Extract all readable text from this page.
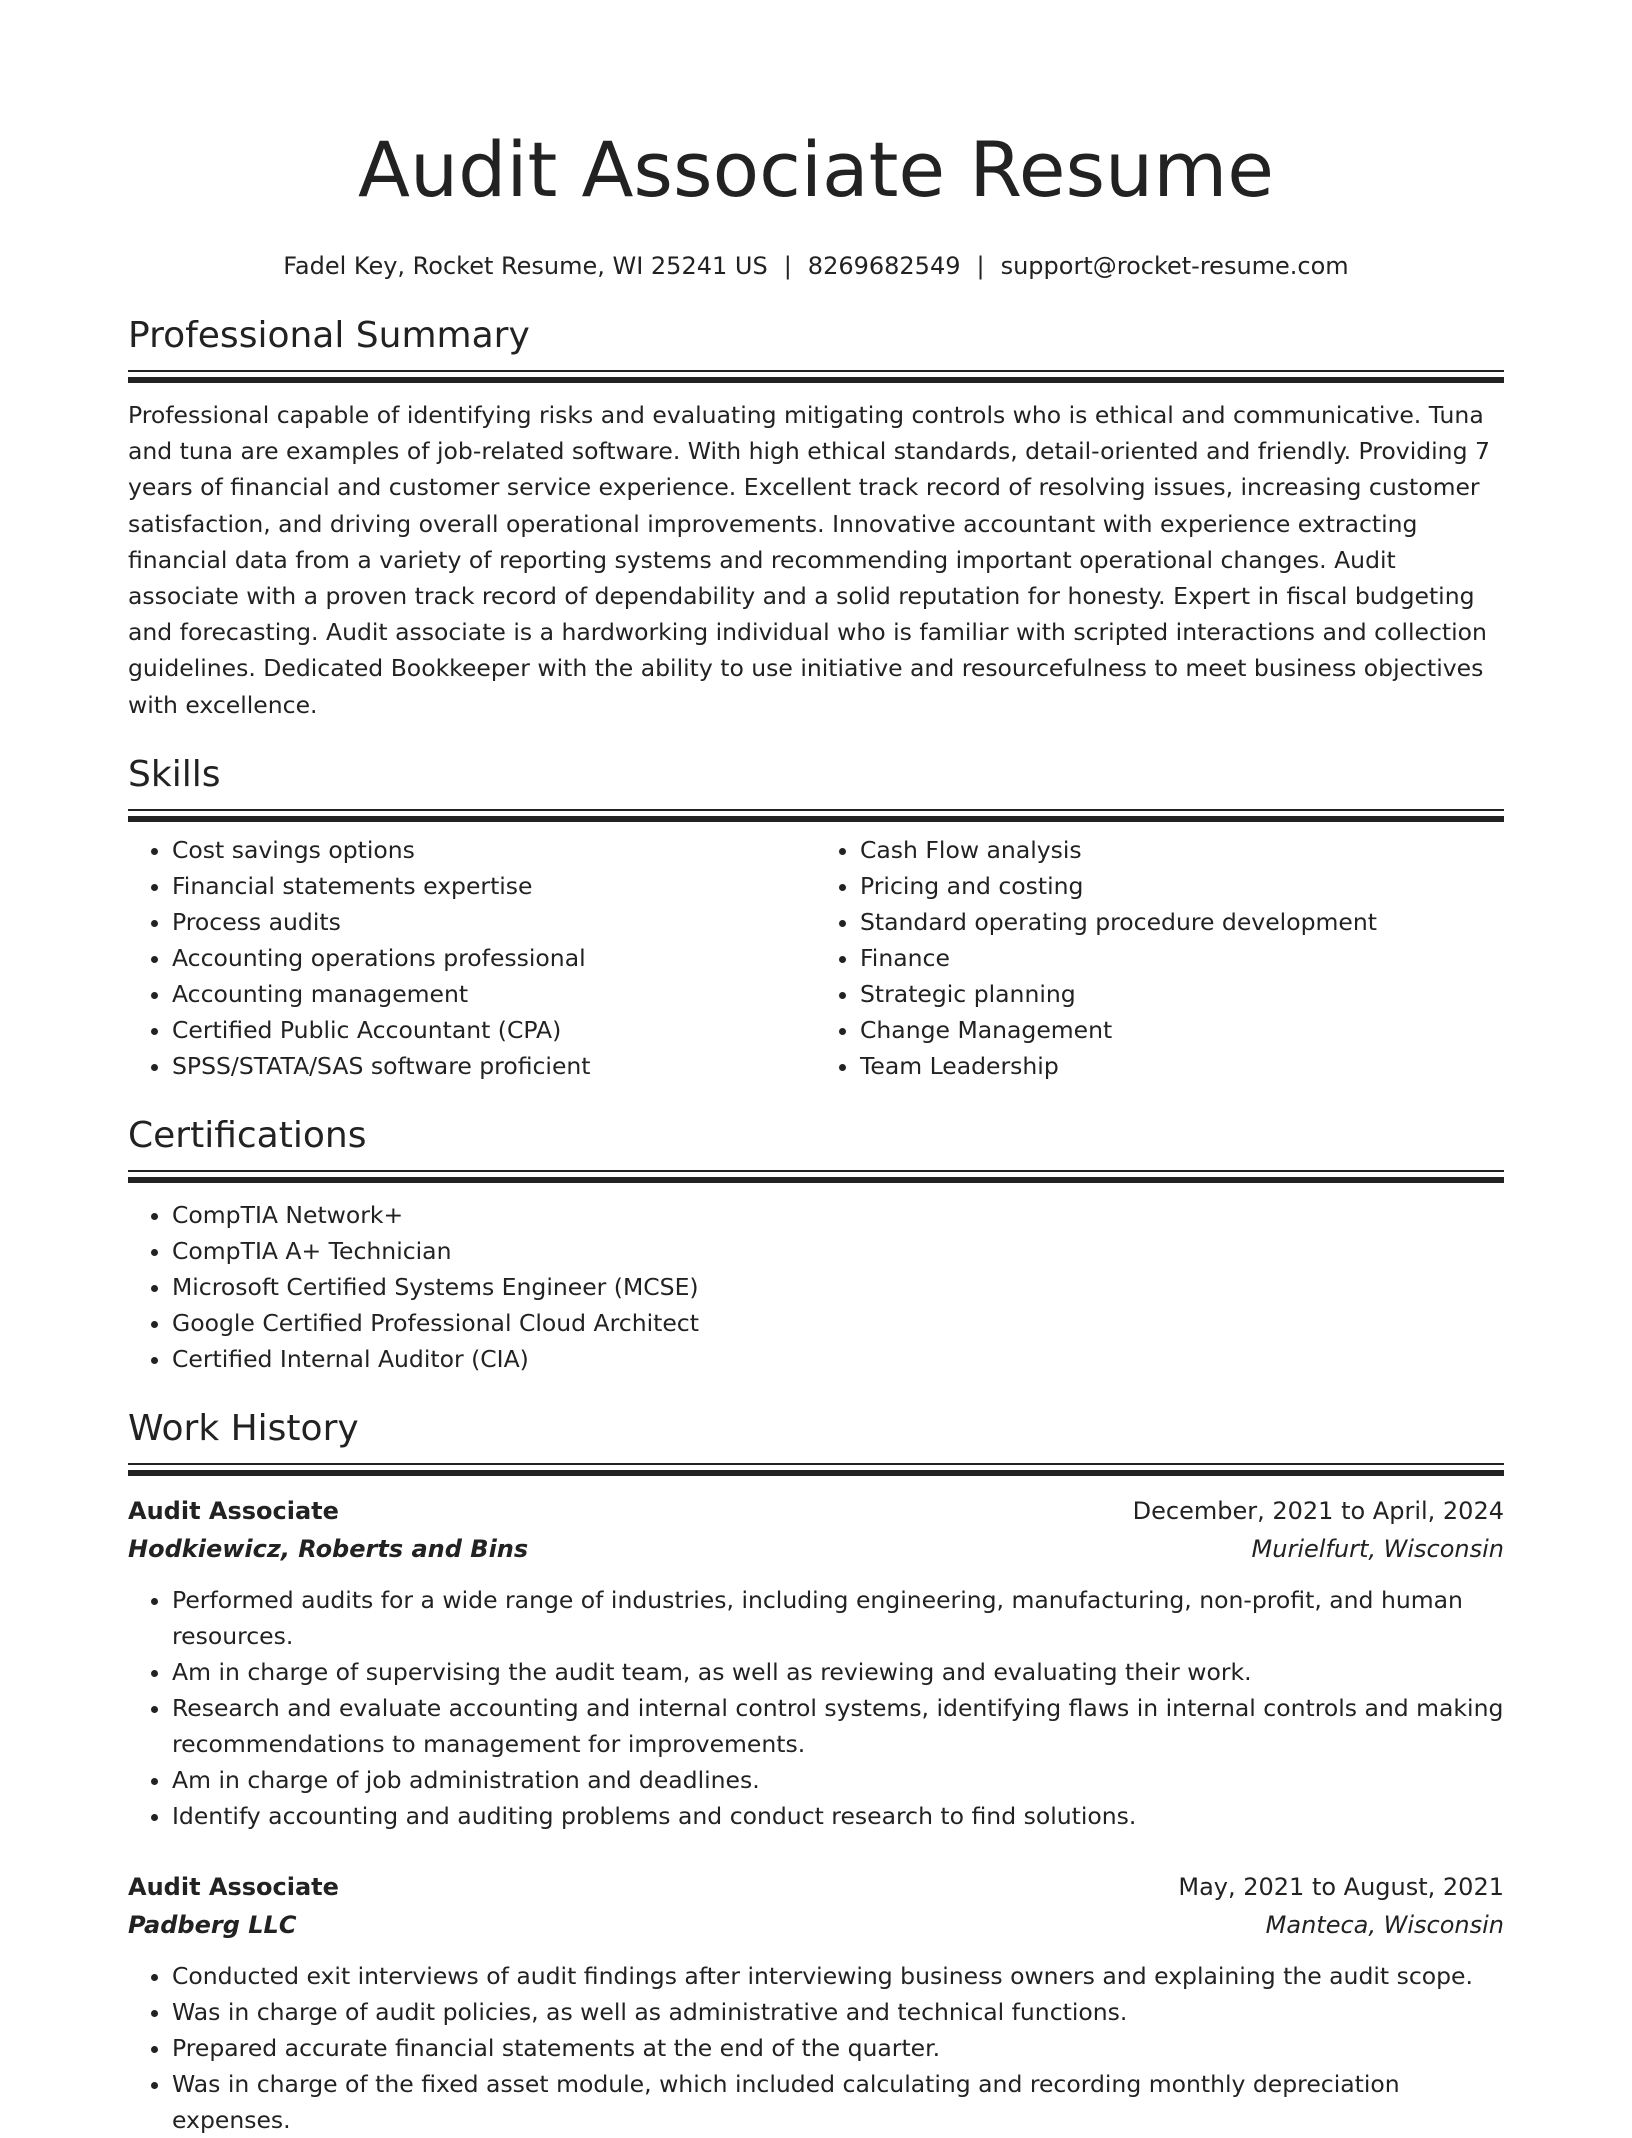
Audit Associate Resume
Fadel Key, Rocket Resume, WI 25241 US | 8269682549 | support@rocket-resume.com
Professional Summary

Professional capable of identifying risks and evaluating mitigating controls who is ethical and communicative. Tuna and tuna are examples of job-related software. With high ethical standards, detail-oriented and friendly. Providing 7 years of financial and customer service experience. Excellent track record of resolving issues, increasing customer satisfaction, and driving overall operational improvements. Innovative accountant with experience extracting financial data from a variety of reporting systems and recommending important operational changes. Audit associate with a proven track record of dependability and a solid reputation for honesty. Expert in fiscal budgeting and forecasting. Audit associate is a hardworking individual who is familiar with scripted interactions and collection guidelines. Dedicated Bookkeeper with the ability to use initiative and resourcefulness to meet business objectives with excellence.

Skills
• Cost savings options
• Financial statements expertise
• Process audits
• Accounting operations professional
• Accounting management
• Certified Public Accountant (CPA)
• SPSS/STATA/SAS software proficient
• Cash Flow analysis
• Pricing and costing
• Standard operating procedure development
• Finance
• Strategic planning
• Change Management
• Team Leadership
Certifications
• CompTIA Network+
• CompTIA A+ Technician
• Microsoft Certified Systems Engineer (MCSE)
• Google Certified Professional Cloud Architect
• Certified Internal Auditor (CIA)
Work History
Audit Associate	December, 2021 to April, 2024
Hodkiewicz, Roberts and Bins	Murielfurt, Wisconsin
• Performed audits for a wide range of industries, including engineering, manufacturing, non-profit, and human resources.
• Am in charge of supervising the audit team, as well as reviewing and evaluating their work.
• Research and evaluate accounting and internal control systems, identifying flaws in internal controls and making recommendations to management for improvements.
• Am in charge of job administration and deadlines.
• Identify accounting and auditing problems and conduct research to find solutions.
Audit Associate	May, 2021 to August, 2021
Padberg LLC	Manteca, Wisconsin
• Conducted exit interviews of audit findings after interviewing business owners and explaining the audit scope.
• Was in charge of audit policies, as well as administrative and technical functions.
• Prepared accurate financial statements at the end of the quarter.
• Was in charge of the fixed asset module, which included calculating and recording monthly depreciation expenses.
